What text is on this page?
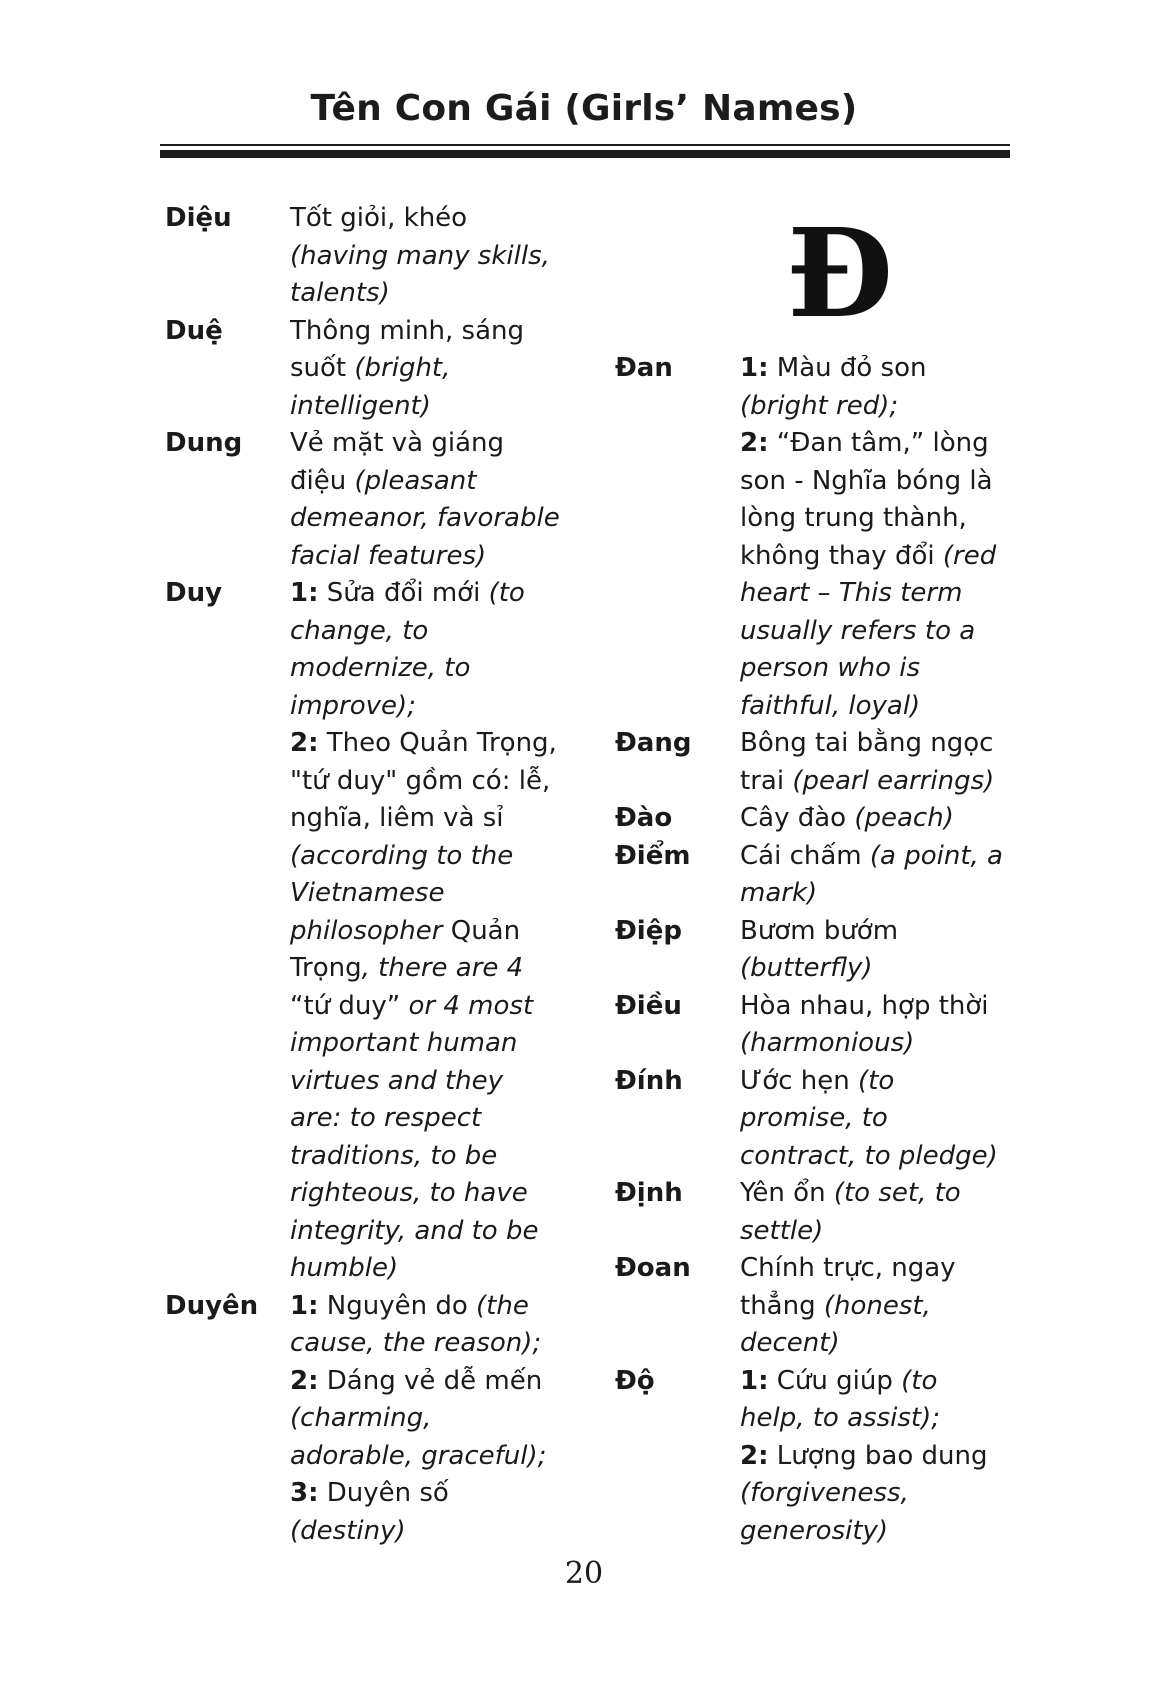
Tên Con Gái (Girls’ Names)
Diệu	Tốt giỏi, khéo (having many skills, talents)

Duệ	Thông minh, sáng suốt (bright, intelligent)

Dung	Vẻ mặt và giáng điệu (pleasant demeanor, favorable facial features)

Duy	1: Sửa đổi mới (to change, to modernize, to improve);

2: Theo Quản Trọng, "tứ duy" gồm có: lễ, nghĩa, liêm và sỉ (according to the Vietnamese philosopher Quản Trọng, there are 4 “tứ duy” or 4 most important human virtues and they are: to respect traditions, to be righteous, to have integrity, and to be humble)

Duyên	1: Nguyên do (the cause, the reason);

2: Dáng vẻ dễ mến (charming, adorable, graceful);

3: Duyên số (destiny)

Đ
Đan	1: Màu đỏ son (bright red);

2: “Đan tâm,” lòng son - Nghĩa bóng là lòng trung thành, không thay đổi (red heart – This term usually refers to a person who is faithful, loyal)

Đang	Bông tai bằng ngọc trai (pearl earrings)

Đào	Cây đào (peach)

Điểm	Cái chấm (a point, a mark)

Điệp	Bươm bướm (butterfly)

Điều	Hòa nhau, hợp thời (harmonious)

Đính	Ước hẹn (to promise, to contract, to pledge)

Định	Yên ổn (to set, to settle)

Đoan	Chính trực, ngay thẳng (honest, decent)

Độ	1: Cứu giúp (to help, to assist);

2: Lượng bao dung (forgiveness, generosity)

20
